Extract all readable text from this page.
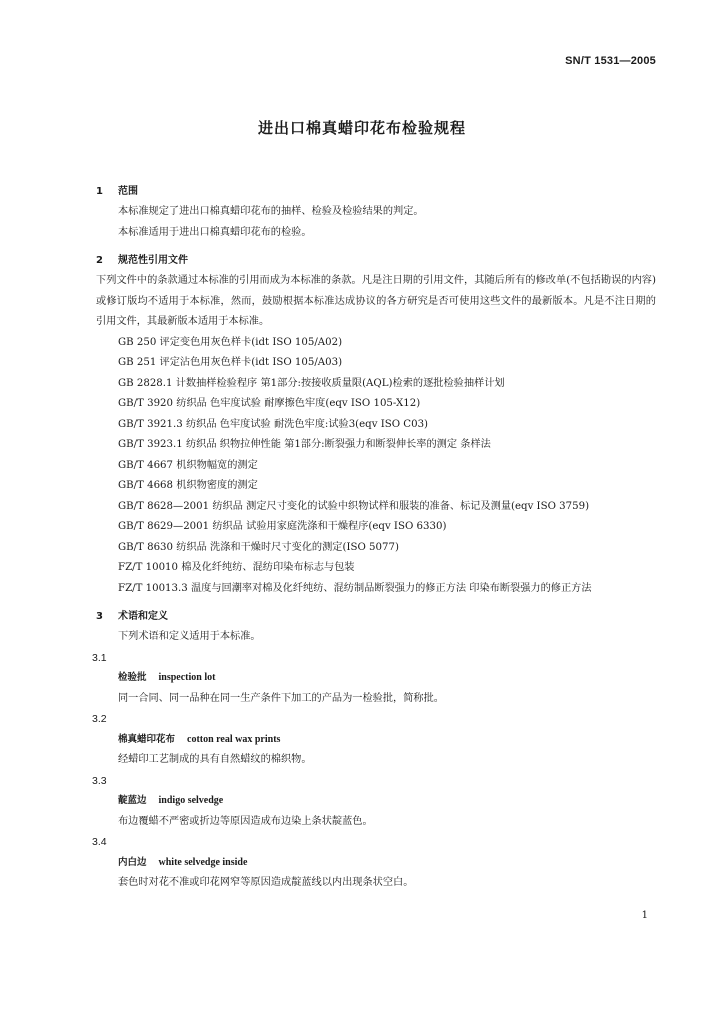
SN/T 1531—2005
进出口棉真蜡印花布检验规程
1 范围
本标准规定了进出口棉真蜡印花布的抽样、检验及检验结果的判定。
本标准适用于进出口棉真蜡印花布的检验。
2 规范性引用文件
下列文件中的条款通过本标准的引用而成为本标准的条款。凡是注日期的引用文件，其随后所有的修改单(不包括勘误的内容)或修订版均不适用于本标准，然而，鼓励根据本标准达成协议的各方研究是否可使用这些文件的最新版本。凡是不注日期的引用文件，其最新版本适用于本标准。
GB 250 评定变色用灰色样卡(idt ISO 105/A02)
GB 251 评定沾色用灰色样卡(idt ISO 105/A03)
GB 2828.1 计数抽样检验程序 第1部分:按接收质量限(AQL)检索的逐批检验抽样计划
GB/T 3920 纺织品 色牢度试验 耐摩擦色牢度(eqv ISO 105-X12)
GB/T 3921.3 纺织品 色牢度试验 耐洗色牢度:试验3(eqv ISO C03)
GB/T 3923.1 纺织品 织物拉伸性能 第1部分:断裂强力和断裂伸长率的测定 条样法
GB/T 4667 机织物幅宽的测定
GB/T 4668 机织物密度的测定
GB/T 8628—2001 纺织品 测定尺寸变化的试验中织物试样和服装的准备、标记及测量(eqv ISO 3759)
GB/T 8629—2001 纺织品 试验用家庭洗涤和干燥程序(eqv ISO 6330)
GB/T 8630 纺织品 洗涤和干燥时尺寸变化的测定(ISO 5077)
FZ/T 10010 棉及化纤纯纺、混纺印染布标志与包装
FZ/T 10013.3 温度与回潮率对棉及化纤纯纺、混纺制品断裂强力的修正方法 印染布断裂强力的修正方法
3 术语和定义
下列术语和定义适用于本标准。
3.1
检验批 inspection lot
同一合同、同一品种在同一生产条件下加工的产品为一检验批，简称批。
3.2
棉真蜡印花布 cotton real wax prints
经蜡印工艺制成的具有自然蜡纹的棉织物。
3.3
靛蓝边 indigo selvedge
布边覆蜡不严密或折边等原因造成布边染上条状靛蓝色。
3.4
内白边 white selvedge inside
套色时对花不准或印花网窄等原因造成靛蓝线以内出现条状空白。
1
